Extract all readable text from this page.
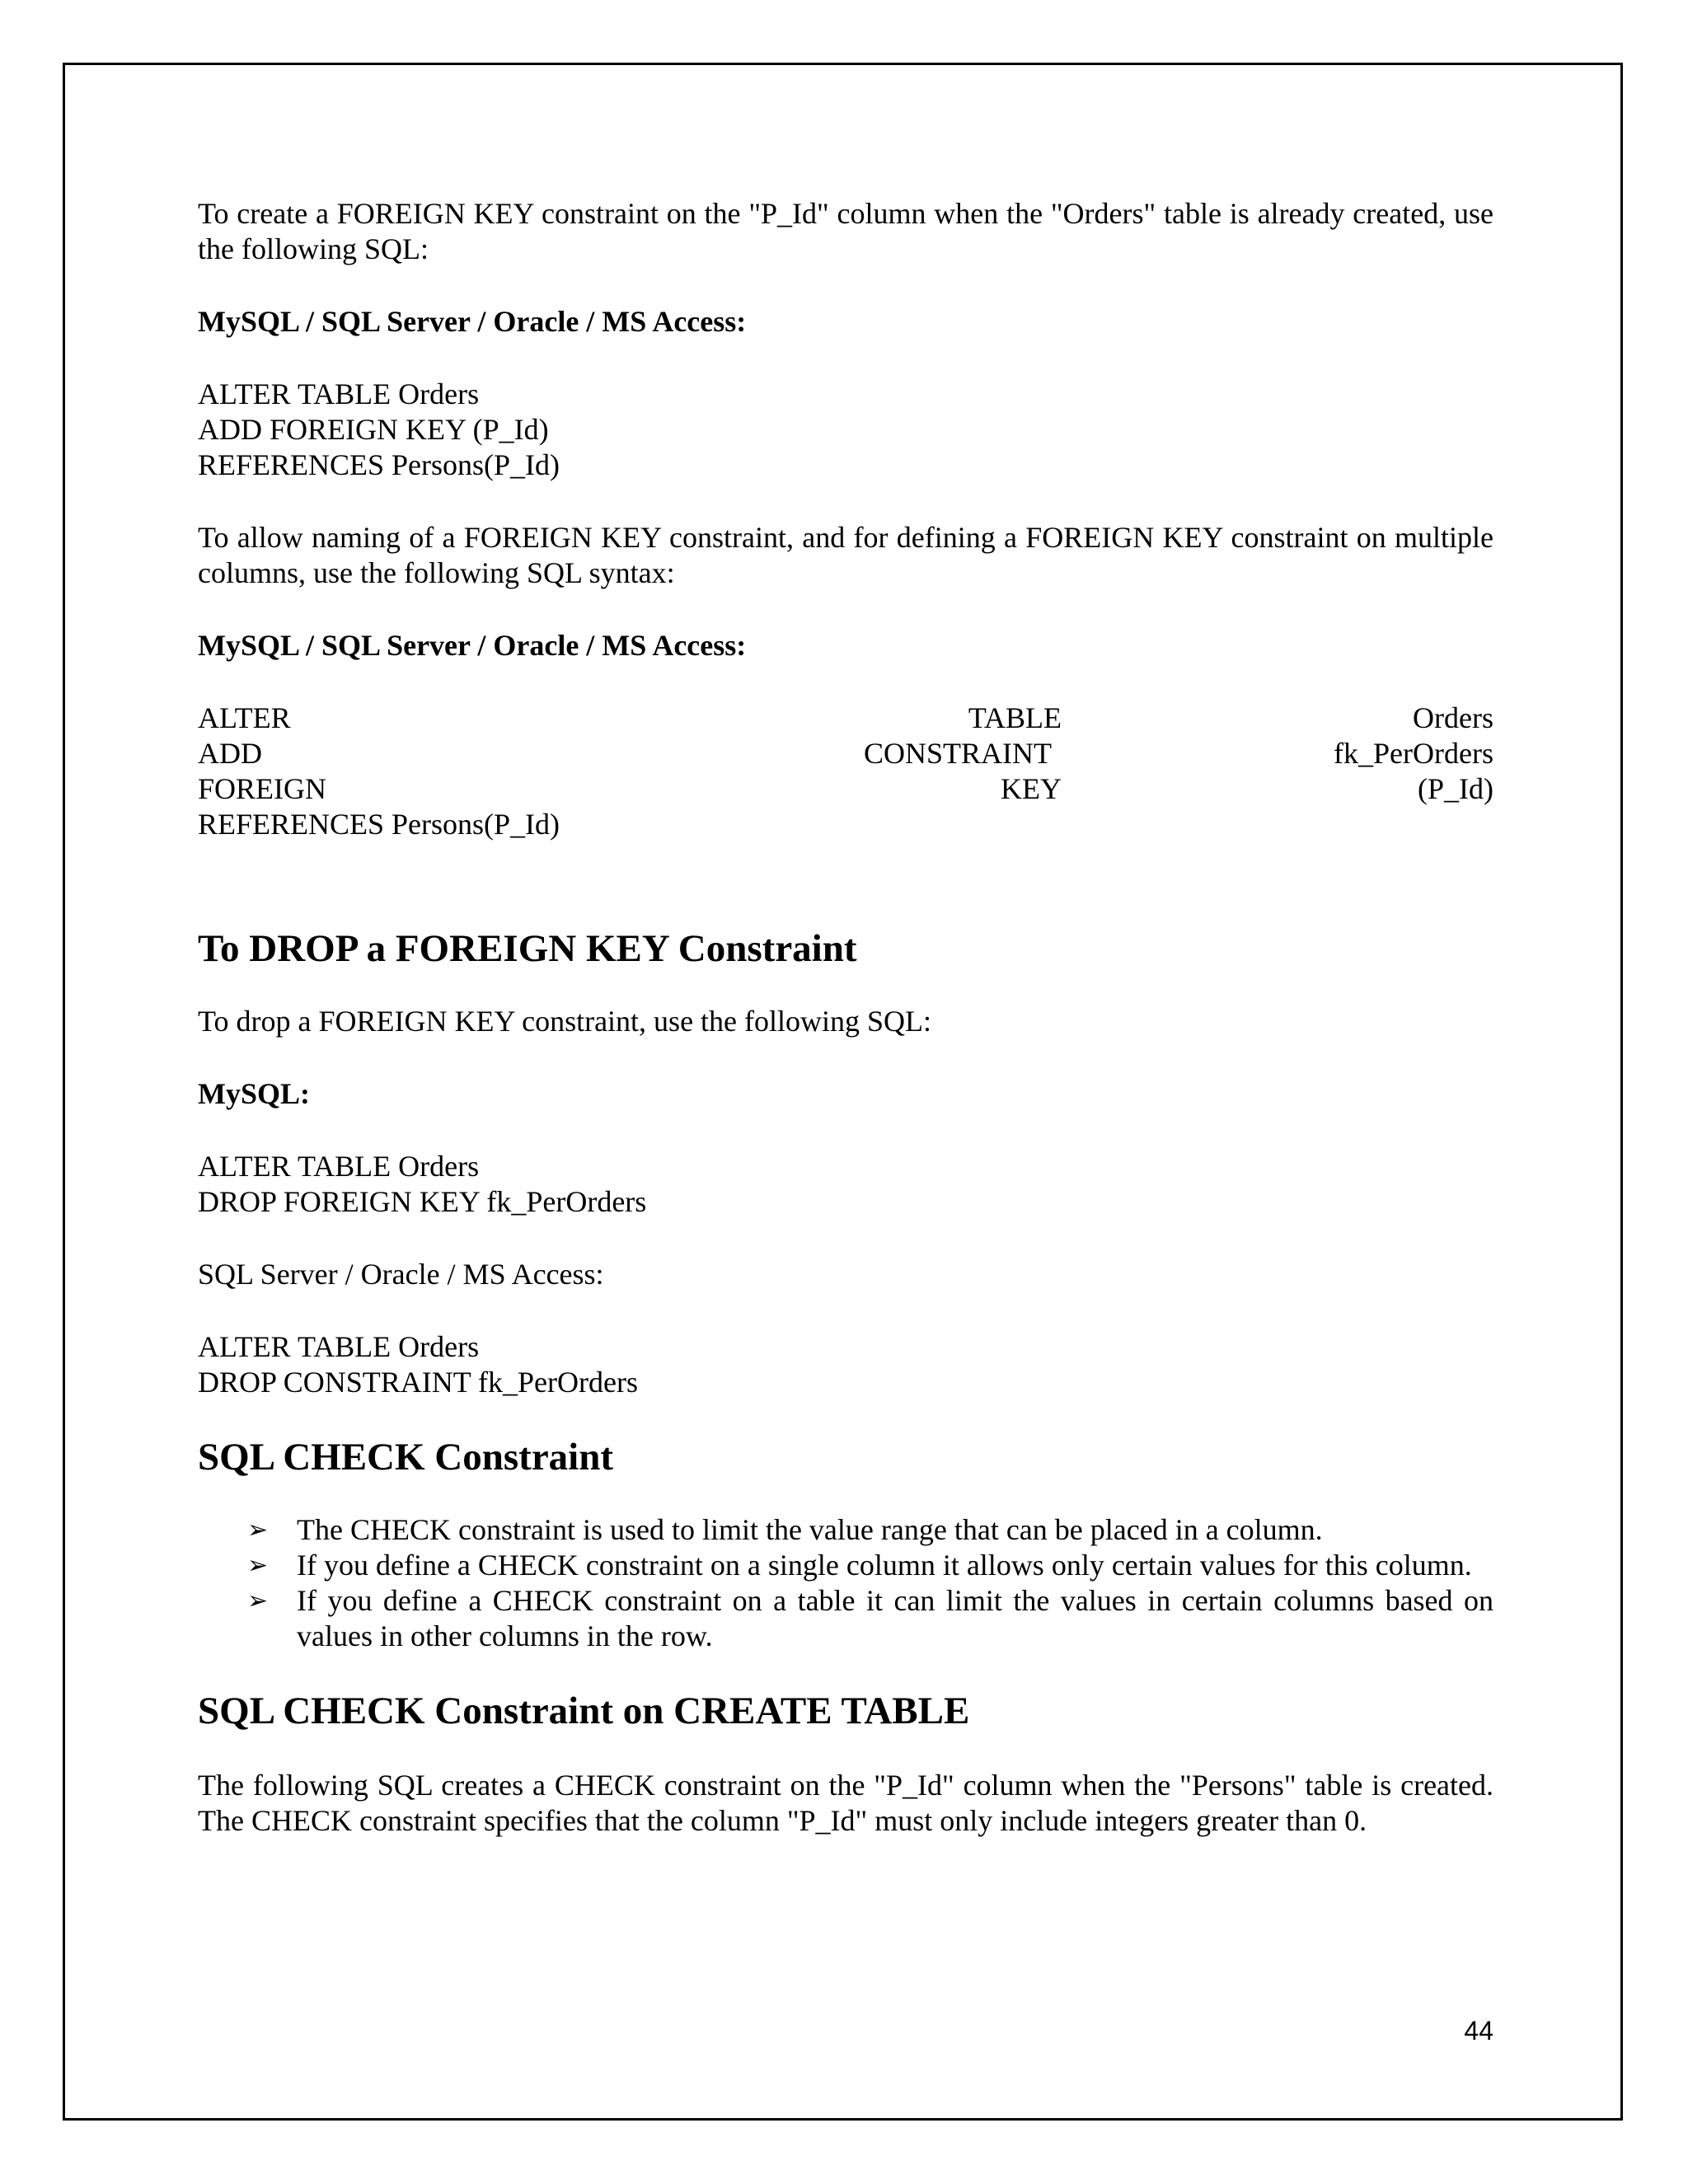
To create a FOREIGN KEY constraint on the "P_Id" column when the "Orders" table is already created, use the following SQL:

MySQL / SQL Server / Oracle / MS Access:

ALTER TABLE Orders

ADD FOREIGN KEY (P_Id)

REFERENCES Persons(P_Id)

To allow naming of a FOREIGN KEY constraint, and for defining a FOREIGN KEY constraint on multiple columns, use the following SQL syntax:

MySQL / SQL Server / Oracle / MS Access:

ALTER	TABLE	Orders
ADD	CONSTRAINT	fk_PerOrders
FOREIGN	KEY	(P_Id)

REFERENCES Persons(P_Id)

To DROP a FOREIGN KEY Constraint

To drop a FOREIGN KEY constraint, use the following SQL:

MySQL:

ALTER TABLE Orders

DROP FOREIGN KEY fk_PerOrders

SQL Server / Oracle / MS Access:

ALTER TABLE Orders

DROP CONSTRAINT fk_PerOrders

SQL CHECK Constraint
➢ The CHECK constraint is used to limit the value range that can be placed in a column.
➢ If you define a CHECK constraint on a single column it allows only certain values for this column.
➢ If you define a CHECK constraint on a table it can limit the values in certain columns based on values in other columns in the row.
SQL CHECK Constraint on CREATE TABLE

The following SQL creates a CHECK constraint on the "P_Id" column when the "Persons" table is created. The CHECK constraint specifies that the column "P_Id" must only include integers greater than 0.

44
